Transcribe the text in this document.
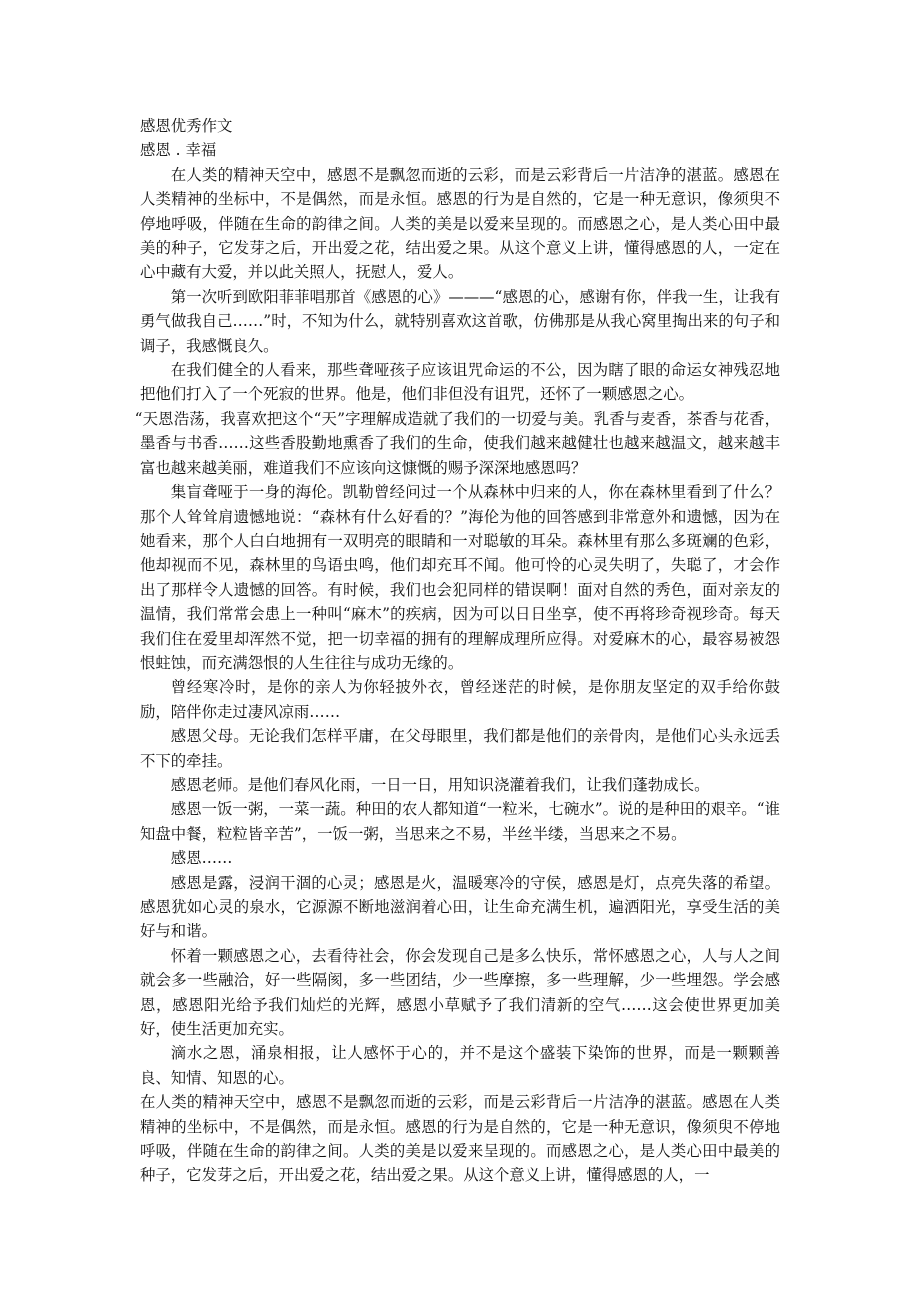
感恩优秀作文

感恩 . 幸福

在人类的精神天空中，感恩不是飘忽而逝的云彩，而是云彩背后一片洁净的湛蓝。感恩在人类精神的坐标中，不是偶然，而是永恒。感恩的行为是自然的，它是一种无意识，像须臾不停地呼吸，伴随在生命的韵律之间。人类的美是以爱来呈现的。而感恩之心，是人类心田中最美的种子，它发芽之后，开出爱之花，结出爱之果。从这个意义上讲，懂得感恩的人，一定在心中藏有大爱，并以此关照人，抚慰人，爱人。

第一次听到欧阳菲菲唱那首《感恩的心》———“感恩的心，感谢有你，伴我一生，让我有勇气做我自己……”时，不知为什么，就特别喜欢这首歌，仿佛那是从我心窝里掏出来的句子和调子，我感慨良久。

在我们健全的人看来，那些聋哑孩子应该诅咒命运的不公，因为瞎了眼的命运女神残忍地把他们打入了一个死寂的世界。他是，他们非但没有诅咒，还怀了一颗感恩之心。

“天恩浩荡，我喜欢把这个“天”字理解成造就了我们的一切爱与美。乳香与麦香，茶香与花香，墨香与书香……这些香股勤地熏香了我们的生命，使我们越来越健壮也越来越温文，越来越丰富也越来越美丽，难道我们不应该向这慷慨的赐予深深地感恩吗？

集盲聋哑于一身的海伦。凯勒曾经问过一个从森林中归来的人，你在森林里看到了什么？那个人耸耸肩遗憾地说：“森林有什么好看的？”海伦为他的回答感到非常意外和遗憾，因为在她看来，那个人白白地拥有一双明亮的眼睛和一对聪敏的耳朵。森林里有那么多斑斓的色彩，他却视而不见，森林里的鸟语虫鸣，他们却充耳不闻。他可怜的心灵失明了，失聪了，才会作出了那样令人遗憾的回答。有时候，我们也会犯同样的错误啊！面对自然的秀色，面对亲友的温情，我们常常会患上一种叫“麻木”的疾病，因为可以日日坐享，使不再将珍奇视珍奇。每天我们住在爱里却浑然不觉，把一切幸福的拥有的理解成理所应得。对爱麻木的心，最容易被怨恨蛀蚀，而充满怨恨的人生往往与成功无缘的。

曾经寒冷时，是你的亲人为你轻披外衣，曾经迷茫的时候，是你朋友坚定的双手给你鼓励，陪伴你走过凄风凉雨……

感恩父母。无论我们怎样平庸，在父母眼里，我们都是他们的亲骨肉，是他们心头永远丢不下的牵挂。

感恩老师。是他们春风化雨，一日一日，用知识浇灌着我们，让我们蓬勃成长。

感恩一饭一粥，一菜一蔬。种田的农人都知道“一粒米，七碗水”。说的是种田的艰辛。“谁知盘中餐，粒粒皆辛苦”，一饭一粥，当思来之不易，半丝半缕，当思来之不易。

感恩……

感恩是露，浸润干涸的心灵；感恩是火，温暖寒冷的守侯，感恩是灯，点亮失落的希望。感恩犹如心灵的泉水，它源源不断地滋润着心田，让生命充满生机，遍洒阳光，享受生活的美好与和谐。

怀着一颗感恩之心，去看待社会，你会发现自己是多么快乐，常怀感恩之心，人与人之间就会多一些融洽，好一些隔阂，多一些团结，少一些摩擦，多一些理解，少一些埋怨。学会感恩，感恩阳光给予我们灿烂的光辉，感恩小草赋予了我们清新的空气……这会使世界更加美好，使生活更加充实。

滴水之恩，涌泉相报，让人感怀于心的，并不是这个盛装下染饰的世界，而是一颗颗善良、知情、知恩的心。

在人类的精神天空中，感恩不是飘忽而逝的云彩，而是云彩背后一片洁净的湛蓝。感恩在人类精神的坐标中，不是偶然，而是永恒。感恩的行为是自然的，它是一种无意识，像须臾不停地呼吸，伴随在生命的韵律之间。人类的美是以爱来呈现的。而感恩之心，是人类心田中最美的种子，它发芽之后，开出爱之花，结出爱之果。从这个意义上讲，懂得感恩的人，一
